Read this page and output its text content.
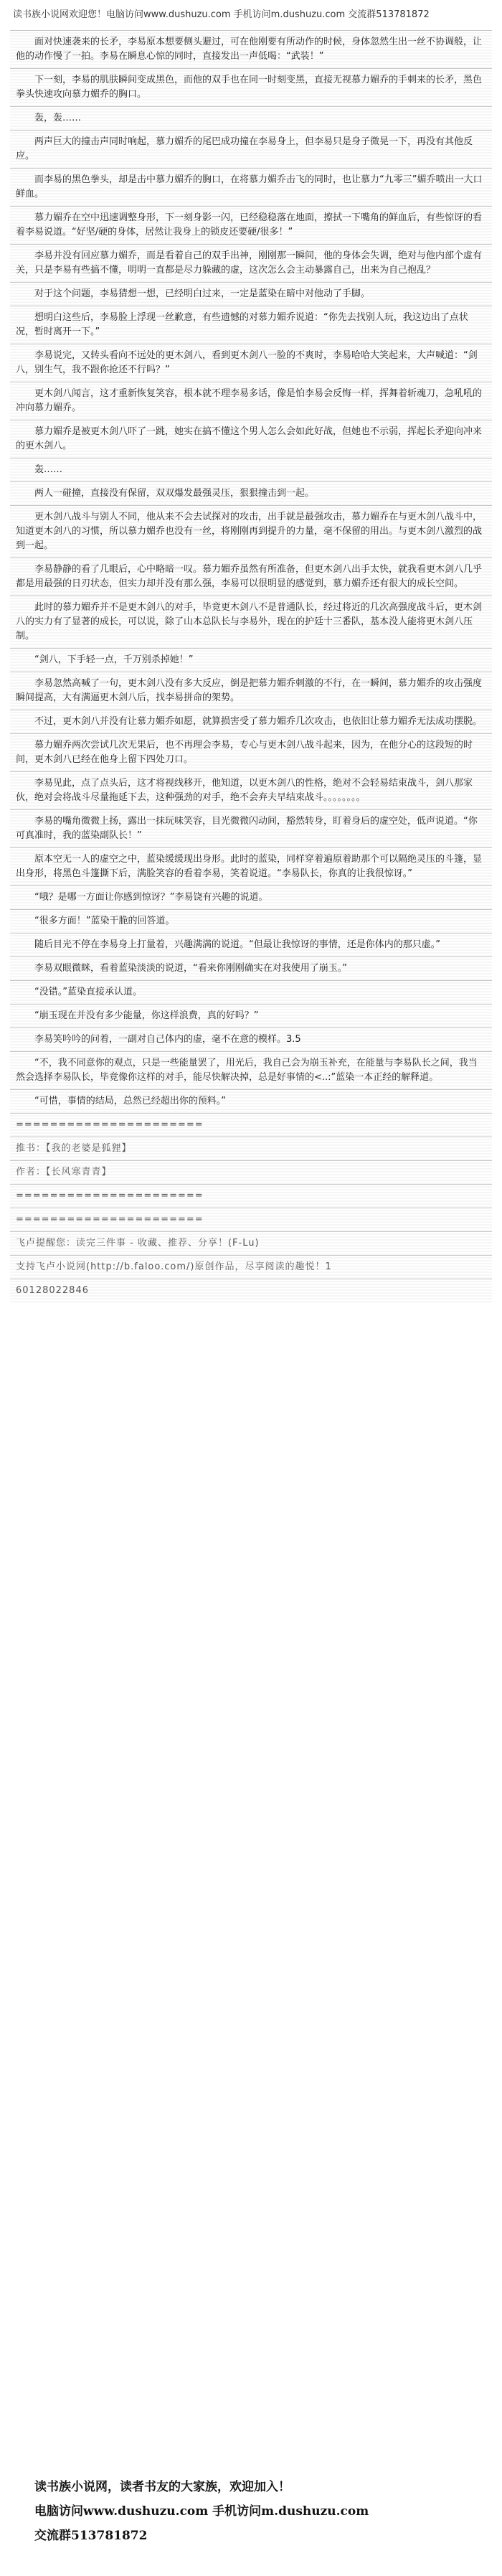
读书族小说网欢迎您！电脑访问www.dushuzu.com 手机访问m.dushuzu.com 交流群513781872

面对快速袭来的长矛，李易原本想要侧头避过，可在他刚要有所动作的时候，身体忽然生出一丝不协调般，让他的动作慢了一拍。李易在瞬息心惊的同时，直接发出一声低喝：“武装！”

下一刻，李易的肌肤瞬间变成黑色，而他的双手也在同一时刻变黑，直接无视慕力媚乔的手刺来的长矛，黑色拳头快速攻向慕力媚乔的胸口。

轰，轰……

两声巨大的撞击声同时响起，慕力媚乔的尾巴成功撞在李易身上，但李易只是身子微晃一下，再没有其他反应。

而李易的黑色拳头，却是击中慕力媚乔的胸口，在将慕力媚乔击飞的同时，也让慕力“九零三”媚乔喷出一大口鲜血。

慕力媚乔在空中迅速调整身形，下一刻身影一闪，已经稳稳落在地面，擦拭一下嘴角的鲜血后，有些惊讶的看着李易说道。“好坚/硬的身体，居然让我身上的锁皮还要硬/很多！”

李易并没有回应慕力媚乔，而是看着自己的双手出神，刚刚那一瞬间，他的身体会失调，绝对与他内部个虚有关，只是李易有些搞不懂，明明一直都是尽力躲藏的虚，这次怎么会主动暴露自己，出来为自己抱乱？

对于这个问题，李易猜想一想，已经明白过来，一定是蓝染在暗中对他动了手脚。

想明白这些后，李易脸上浮现一丝歉意，有些遗憾的对慕力媚乔说道：“你先去找别人玩，我这边出了点状况，暂时离开一下。”

李易说完，又转头看向不远处的更木剑八，看到更木剑八一脸的不爽时，李易哈哈大笑起来，大声喊道：“剑八，别生气，我不跟你抢还不行吗？”

更木剑八闻言，这才重新恢复笑容，根本就不理李易多话，像是怕李易会反悔一样，挥舞着斩魂刀，急吼吼的冲向慕力媚乔。

慕力媚乔是被更木剑八吓了一跳，她实在搞不懂这个男人怎么会如此好战，但她也不示弱，挥起长矛迎向冲来的更木剑八。

轰……

两人一碰撞，直接没有保留，双双爆发最强灵压，狠狠撞击到一起。

更木剑八战斗与别人不同，他从来不会去试探对的攻击，出手就是最强攻击，慕力媚乔在与更木剑八战斗中，知道更木剑八的习惯，所以慕力媚乔也没有一丝，将刚刚再到提升的力量，毫不保留的用出。与更木剑八激烈的战到一起。

李易静静的看了几眼后，心中略暗一叹。慕力媚乔虽然有所准备，但更木剑八出手太快，就我看更木剑八几乎都是用最强的日刃状态，但实力却并没有那么强，李易可以很明显的感觉到，慕力媚乔还有很大的成长空间。

此时的慕力媚乔并不是更木剑八的对手，毕竟更木剑八不是普通队长，经过将近的几次高强度战斗后，更木剑八的实力有了显著的成长，可以说，除了山本总队长与李易外，现在的护廷十三番队，基本没人能将更木剑八压制。

“剑八，下手轻一点，千万别杀掉她！”

李易忽然高喊了一句，更木剑八没有多大反应，倒是把慕力媚乔刺激的不行，在一瞬间，慕力媚乔的攻击强度瞬间提高，大有满逼更木剑八后，找李易拼命的架势。

不过，更木剑八并没有让慕力媚乔如愿，就算损害受了慕力媚乔几次攻击，也依旧让慕力媚乔无法成功摆脱。

慕力媚乔两次尝试几次无果后，也不再理会李易，专心与更木剑八战斗起来，因为，在他分心的这段短的时间，更木剑八已经在他身上留下四处刀口。

李易见此，点了点头后，这才将视线移开，他知道，以更木剑八的性格，绝对不会轻易结束战斗，剑八那家伙，绝对会将战斗尽量拖延下去，这种强劲的对手，绝不会弃夫早结束战斗。。。。。。。。

李易的嘴角微微上扬，露出一抹玩味笑容，目光微微闪动间，豁然转身，盯着身后的虚空处，低声说道。“你可真准时，我的蓝染副队长！”

原本空无一人的虚空之中，蓝染缓缓现出身形。此时的蓝染，同样穿着遍原着助那个可以隔绝灵压的斗篷，显出身形，将黑色斗篷撕下后，满脸笑容的看着李易，笑着说道。“李易队长，你真的让我很惊讶。”

“哦？是哪一方面让你感到惊讶？”李易饶有兴趣的说道。

“很多方面！”蓝染干脆的回答道。

随后目光不停在李易身上打量着，兴趣满满的说道。“但最让我惊讶的事情，还是你体内的那只虚。”

李易双眼微眯，看着蓝染淡淡的说道，“看来你刚刚确实在对我使用了崩玉。”

“没错。”蓝染直接承认道。

“崩玉现在并没有多少能量，你这样浪费，真的好吗？”

李易笑吟吟的问着，一副对自己体内的虚，毫不在意的模样。3.5

“不，我不同意你的观点，只是一些能量罢了，用光后，我自己会为崩玉补充，在能量与李易队长之间，我当然会选择李易队长，毕竟像你这样的对手，能尽快解决掉，总是好事情的<..:”蓝染一本正经的解释道。

“可惜，事情的结局，总然已经超出你的预料。”

======================

推书：【我的老婆是狐狸】

作者：【长风寒青青】

======================

======================

飞卢提醒您：读完三件事 - 收藏、推荐、分享！(F-Lu)

支持飞卢小说网(http://b.faloo.com/)原创作品，尽享阅读的趣悦！1

60128022846

读书族小说网，读者书友的大家族，欢迎加入！
电脑访问www.dushuzu.com 手机访问m.dushuzu.com
交流群513781872
